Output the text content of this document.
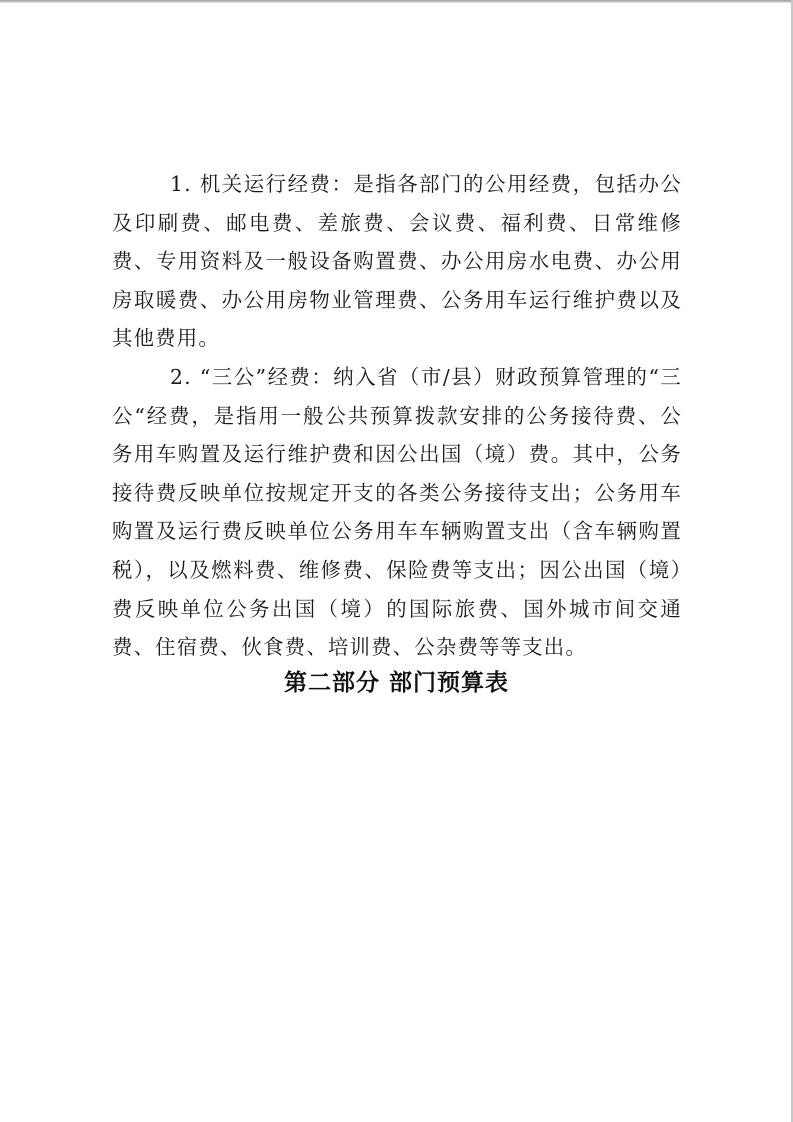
1. 机关运行经费：是指各部门的公用经费，包括办公及印刷费、邮电费、差旅费、会议费、福利费、日常维修费、专用资料及一般设备购置费、办公用房水电费、办公用房取暖费、办公用房物业管理费、公务用车运行维护费以及其他费用。

2. “三公”经费：纳入省（市/县）财政预算管理的“三公“经费，是指用一般公共预算拨款安排的公务接待费、公务用车购置及运行维护费和因公出国（境）费。其中，公务接待费反映单位按规定开支的各类公务接待支出；公务用车购置及运行费反映单位公务用车车辆购置支出（含车辆购置税），以及燃料费、维修费、保险费等支出；因公出国（境）费反映单位公务出国（境）的国际旅费、国外城市间交通费、住宿费、伙食费、培训费、公杂费等等支出。

第二部分 部门预算表
